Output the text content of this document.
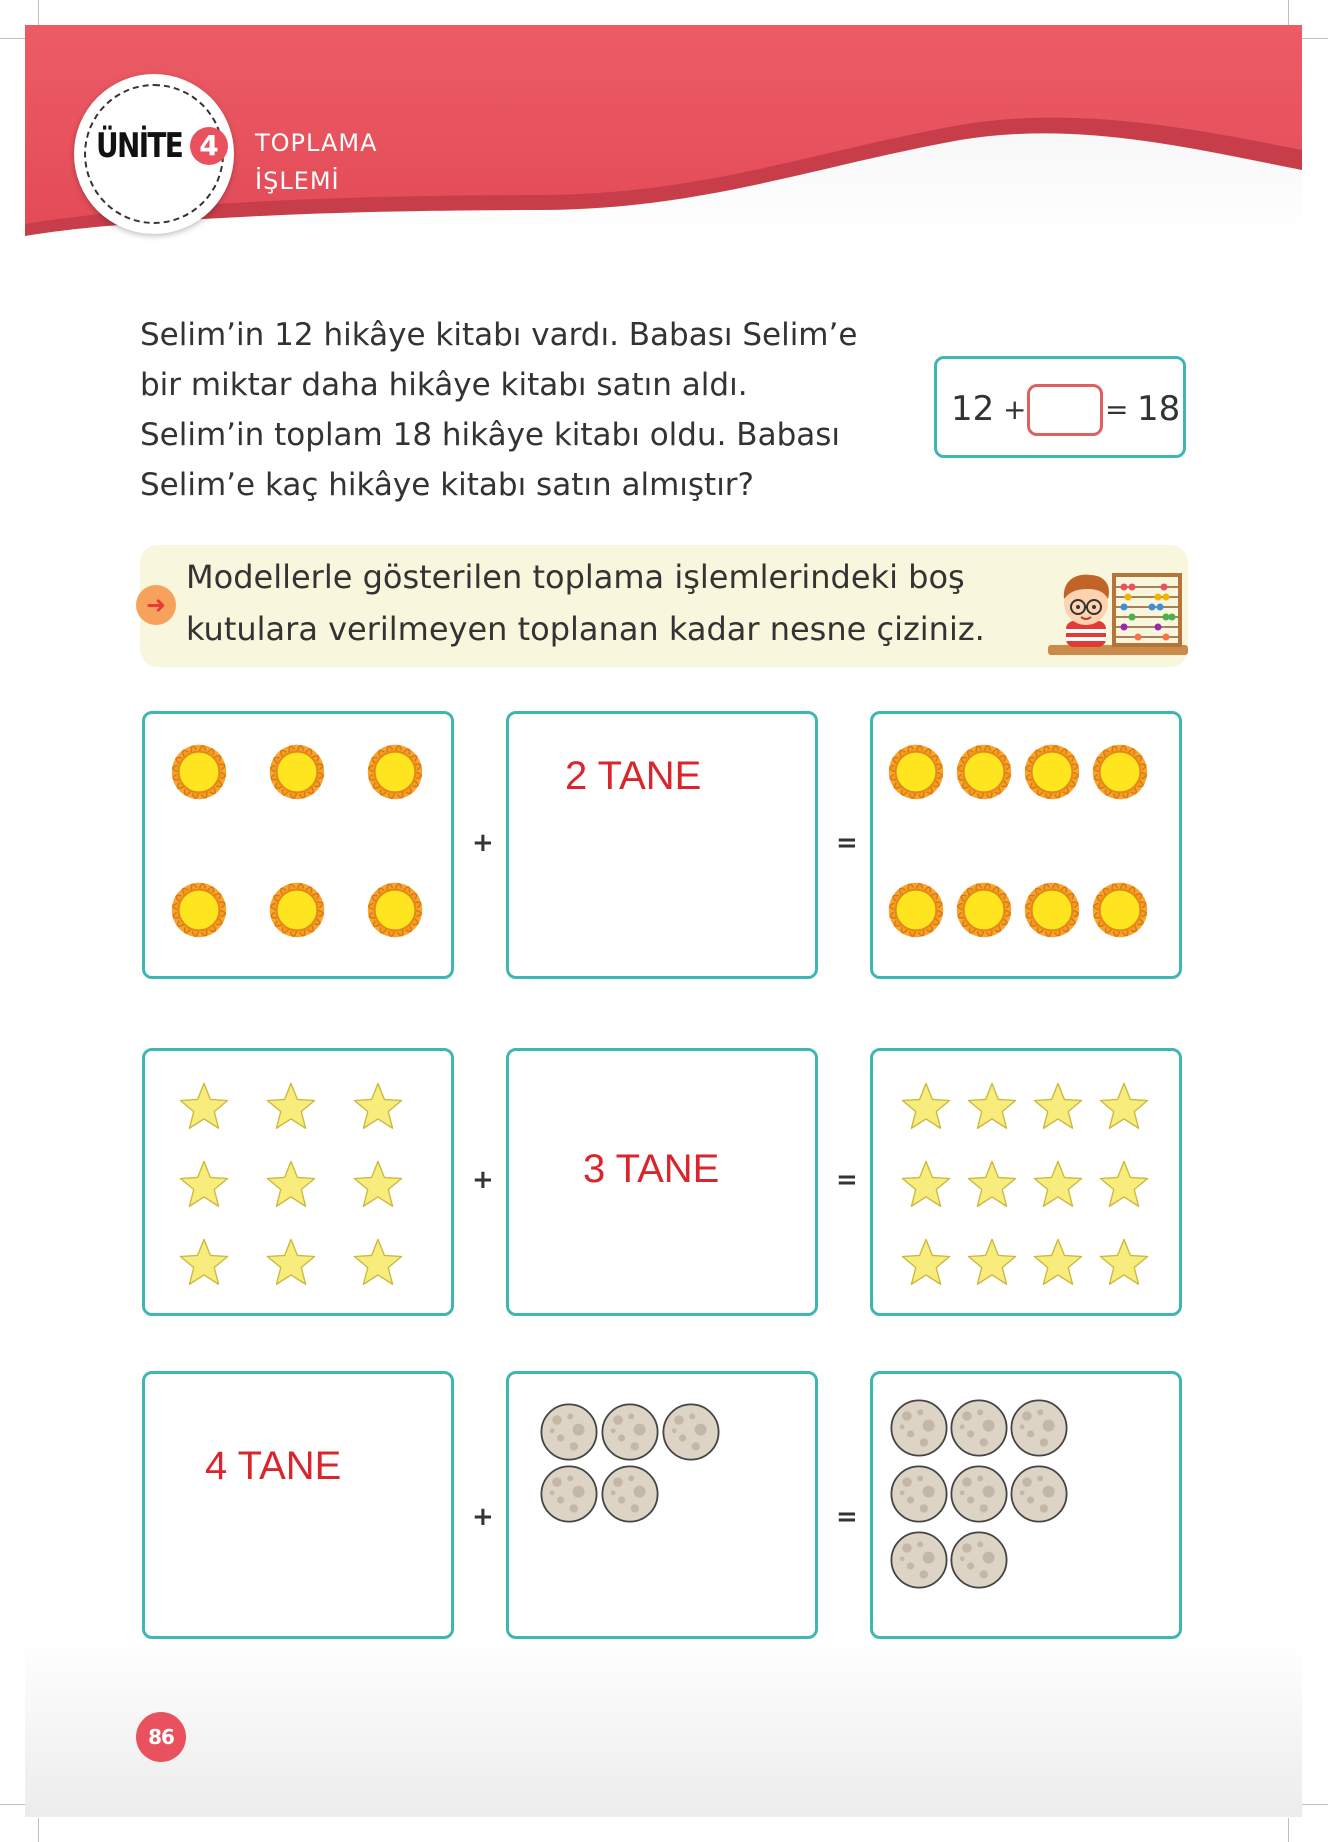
ÜNİTE 4	TOPLAMA
İŞLEMİ
Selim’in 12 hikâye kitabı vardı. Babası Selim’e
bir miktar daha hikâye kitabı satın aldı.
Selim’in toplam 18 hikâye kitabı oldu. Babası
Selim’e kaç hikâye kitabı satın almıştır?
12 +	= 18
➜
Modellerle gösterilen toplama işlemlerindeki boş
kutulara verilmeyen toplanan kadar nesne çiziniz.
+
2 TANE
=
+ 3 TANE	=
4 TANE
+	=
86
